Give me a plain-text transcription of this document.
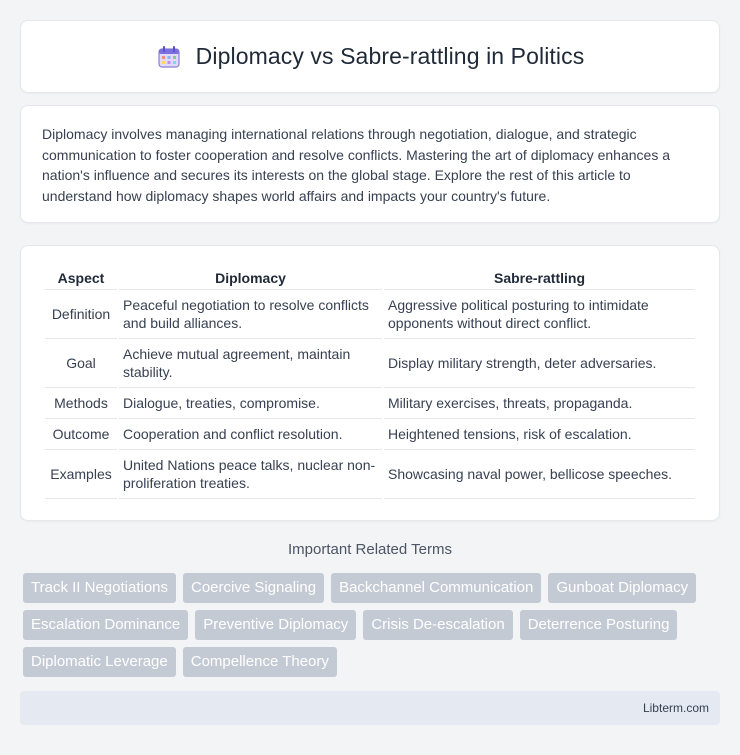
Diplomacy vs Sabre-rattling in Politics

Diplomacy involves managing international relations through negotiation, dialogue, and strategic communication to foster cooperation and resolve conflicts. Mastering the art of diplomacy enhances a nation's influence and secures its interests on the global stage. Explore the rest of this article to understand how diplomacy shapes world affairs and impacts your country's future.

Aspect	Diplomacy	Sabre-rattling
Definition	Peaceful negotiation to resolve conflicts and build alliances.	Aggressive political posturing to intimidate opponents without direct conflict.
Goal	Achieve mutual agreement, maintain stability.	Display military strength, deter adversaries.
Methods	Dialogue, treaties, compromise.	Military exercises, threats, propaganda.
Outcome	Cooperation and conflict resolution.	Heightened tensions, risk of escalation.
Examples	United Nations peace talks, nuclear non-proliferation treaties.	Showcasing naval power, bellicose speeches.
Important Related Terms
Track II Negotiations	Coercive Signaling	Backchannel Communication	Gunboat Diplomacy
Escalation Dominance	Preventive Diplomacy	Crisis De-escalation	Deterrence Posturing
Diplomatic Leverage	Compellence Theory
Libterm.com
